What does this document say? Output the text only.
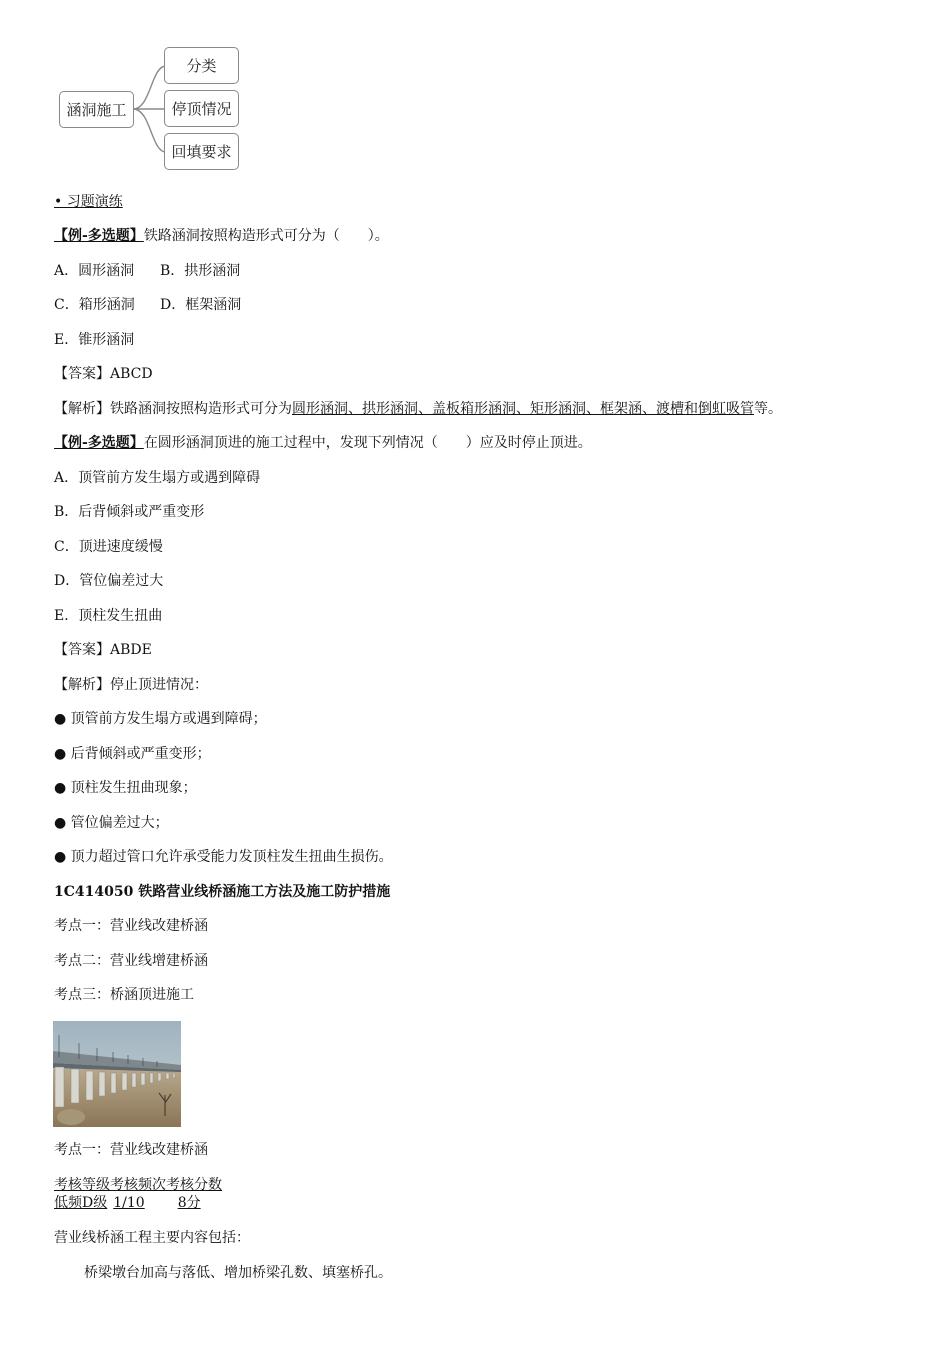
涵洞施工
分类
停顶情况
回填要求
• 习题演练
【例-多选题】铁路涵洞按照构造形式可分为（　　）。
A．圆形涵洞 B．拱形涵洞
C．箱形涵洞 D．框架涵洞
E．锥形涵洞
【答案】ABCD
【解析】铁路涵洞按照构造形式可分为圆形涵洞、拱形涵洞、盖板箱形涵洞、矩形涵洞、框架涵、渡槽和倒虹吸管等。
【例-多选题】在圆形涵洞顶进的施工过程中，发现下列情况（　　）应及时停止顶进。
A．顶管前方发生塌方或遇到障碍
B．后背倾斜或严重变形
C．顶进速度缓慢
D．管位偏差过大
E．顶柱发生扭曲
【答案】ABDE
【解析】停止顶进情况：
● 顶管前方发生塌方或遇到障碍；
● 后背倾斜或严重变形；
● 顶柱发生扭曲现象；
● 管位偏差过大；
● 顶力超过管口允许承受能力发顶柱发生扭曲生损伤。
1C414050 铁路营业线桥涵施工方法及施工防护措施
考点一：营业线改建桥涵
考点二：营业线增建桥涵
考点三：桥涵顶进施工
考点一：营业线改建桥涵
考核等级考核频次考核分数
低频D级 1/10 8分
营业线桥涵工程主要内容包括：
桥梁墩台加高与落低、增加桥梁孔数、填塞桥孔。
